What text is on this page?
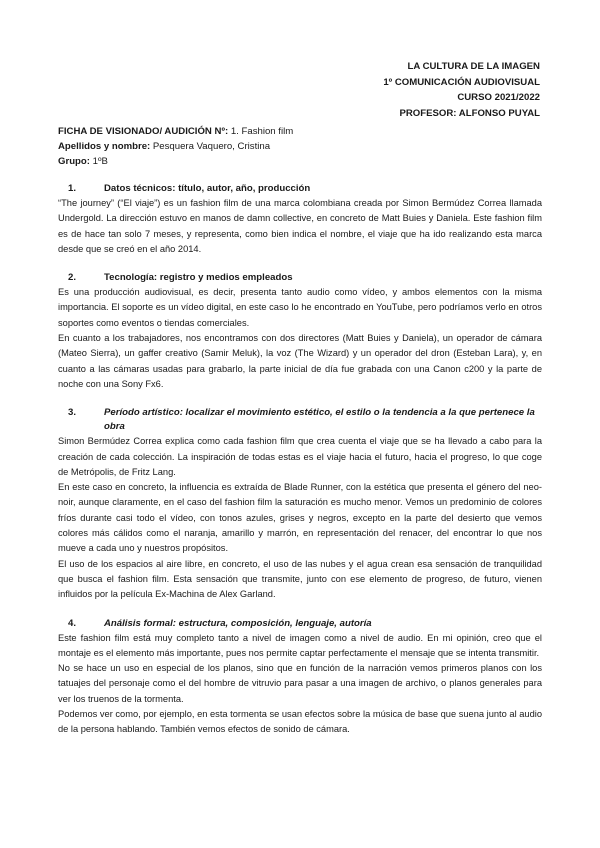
LA CULTURA DE LA IMAGEN
1º COMUNICACIÓN AUDIOVISUAL
CURSO 2021/2022
PROFESOR: ALFONSO PUYAL
FICHA DE VISIONADO/ AUDICIÓN Nº: 1. Fashion film
Apellidos y nombre: Pesquera Vaquero, Cristina
Grupo: 1ºB

1.	Datos técnicos: título, autor, año, producción

“The journey” (“El viaje”) es un fashion film de una marca colombiana creada por Simon Bermúdez Correa llamada Undergold. La dirección estuvo en manos de damn collective, en concreto de Matt Buies y Daniela. Este fashion film es de hace tan solo 7 meses, y representa, como bien indica el nombre, el viaje que ha ido realizando esta marca desde que se creó en el año 2014.

2.	Tecnología: registro y medios empleados

Es una producción audiovisual, es decir, presenta tanto audio como vídeo, y ambos elementos con la misma importancia. El soporte es un vídeo digital, en este caso lo he encontrado en YouTube, pero podríamos verlo en otros soportes como eventos o tiendas comerciales.

En cuanto a los trabajadores, nos encontramos con dos directores (Matt Buies y Daniela), un operador de cámara (Mateo Sierra), un gaffer creativo (Samir Meluk), la voz (The Wizard) y un operador del dron (Esteban Lara), y, en cuanto a las cámaras usadas para grabarlo, la parte inicial de día fue grabada con una Canon c200 y la parte de noche con una Sony Fx6.

3.	Período artístico: localizar el movimiento estético, el estilo o la tendencia a la que pertenece la obra

Simon Bermúdez Correa explica como cada fashion film que crea cuenta el viaje que se ha llevado a cabo para la creación de cada colección. La inspiración de todas estas es el viaje hacia el futuro, hacia el progreso, lo que coge de Metrópolis, de Fritz Lang.

En este caso en concreto, la influencia es extraída de Blade Runner, con la estética que presenta el género del neo-noir, aunque claramente, en el caso del fashion film la saturación es mucho menor. Vemos un predominio de colores fríos durante casi todo el vídeo, con tonos azules, grises y negros, excepto en la parte del desierto que vemos colores más cálidos como el naranja, amarillo y marrón, en representación del renacer, del encontrar lo que nos mueve a cada uno y nuestros propósitos.

El uso de los espacios al aire libre, en concreto, el uso de las nubes y el agua crean esa sensación de tranquilidad que busca el fashion film. Esta sensación que transmite, junto con ese elemento de progreso, de futuro, vienen influidos por la película Ex-Machina de Alex Garland.

4.	Análisis formal: estructura, composición, lenguaje, autoría

Este fashion film está muy completo tanto a nivel de imagen como a nivel de audio. En mi opinión, creo que el montaje es el elemento más importante, pues nos permite captar perfectamente el mensaje que se intenta transmitir.

No se hace un uso en especial de los planos, sino que en función de la narración vemos primeros planos con los tatuajes del personaje como el del hombre de vitruvio para pasar a una imagen de archivo, o planos generales para ver los truenos de la tormenta.

Podemos ver como, por ejemplo, en esta tormenta se usan efectos sobre la música de base que suena junto al audio de la persona hablando. También vemos efectos de sonido de cámara.
